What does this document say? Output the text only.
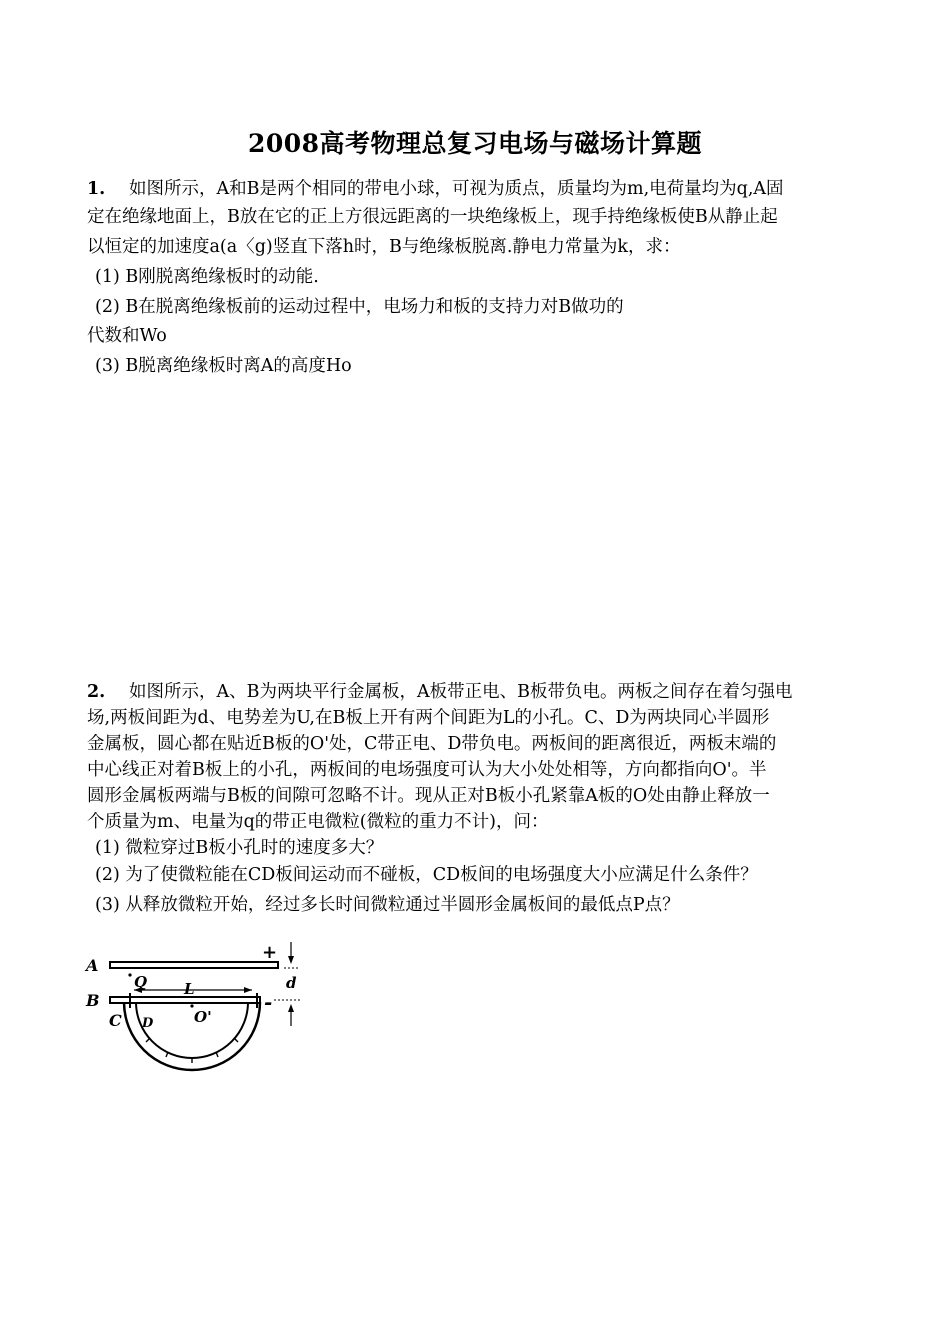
2008高考物理总复习电场与磁场计算题
1. 如图所示，A和B是两个相同的带电小球，可视为质点，质量均为m,电荷量均为q,A固
定在绝缘地面上，B放在它的正上方很远距离的一块绝缘板上，现手持绝缘板使B从静止起
以恒定的加速度a(a〈g)竖直下落h时，B与绝缘板脱离.静电力常量为k，求：
(1) B刚脱离绝缘板时的动能.
(2) B在脱离绝缘板前的运动过程中，电场力和板的支持力对B做功的
代数和Wo
(3) B脱离绝缘板时离A的高度Ho
2. 如图所示，A、B为两块平行金属板，A板带正电、B板带负电。两板之间存在着匀强电
场,两板间距为d、电势差为U,在B板上开有两个间距为L的小孔。C、D为两块同心半圆形
金属板，圆心都在贴近B板的O'处，C带正电、D带负电。两板间的距离很近，两板末端的
中心线正对着B板上的小孔，两板间的电场强度可认为大小处处相等，方向都指向O'。半
圆形金属板两端与B板的间隙可忽略不计。现从正对B板小孔紧靠A板的O处由静止释放一
个质量为m、电量为q的带正电微粒(微粒的重力不计)，问：
(1) 微粒穿过B板小孔时的速度多大？
(2) 为了使微粒能在CD板间运动而不碰板，CD板间的电场强度大小应满足什么条件？
(3) 从释放微粒开始，经过多长时间微粒通过半圆形金属板间的最低点P点？
A
+
B
L
Q
O'
C D
-
d
